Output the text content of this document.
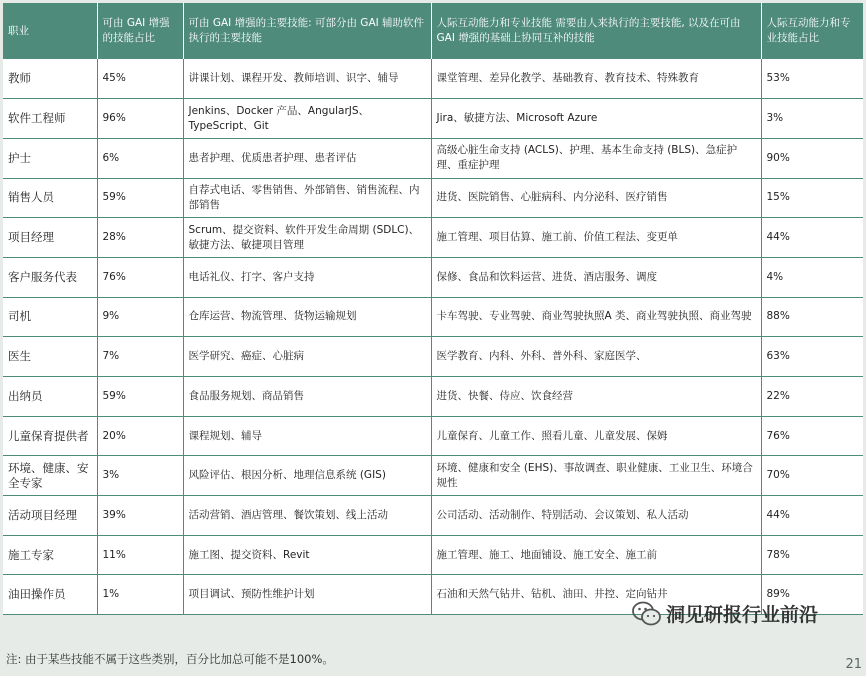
职业	可由 GAI 增强的技能占比	可由 GAI 增强的主要技能: 可部分由 GAI 辅助软件执行的主要技能	人际互动能力和专业技能 需要由人来执行的主要技能, 以及在可由 GAI 增强的基础上协同互补的技能	人际互动能力和专业技能占比
教师	45%	讲课计划、课程开发、教师培训、识字、辅导	课堂管理、差异化教学、基础教育、教育技术、特殊教育	53%
软件工程师	96%	Jenkins、Docker 产品、AngularJS、TypeScript、Git	Jira、敏捷方法、Microsoft Azure	3%
护士	6%	患者护理、优质患者护理、患者评估	高级心脏生命支持 (ACLS)、护理、基本生命支持 (BLS)、急症护理、重症护理	90%
销售人员	59%	自荐式电话、零售销售、外部销售、销售流程、内部销售	进货、医院销售、心脏病科、内分泌科、医疗销售	15%
项目经理	28%	Scrum、提交资料、软件开发生命周期 (SDLC)、敏捷方法、敏捷项目管理	施工管理、项目估算、施工前、价值工程法、变更单	44%
客户服务代表	76%	电话礼仪、打字、客户支持	保修、食品和饮料运营、进货、酒店服务、调度	4%
司机	9%	仓库运营、物流管理、货物运输规划	卡车驾驶、专业驾驶、商业驾驶执照A 类、商业驾驶执照、商业驾驶	88%
医生	7%	医学研究、癌症、心脏病	医学教育、内科、外科、普外科、家庭医学、	63%
出纳员	59%	食品服务规划、商品销售	进货、快餐、侍应、饮食经营	22%
儿童保育提供者	20%	课程规划、辅导	儿童保育、儿童工作、照看儿童、儿童发展、保姆	76%
环境、健康、安全专家	3%	风险评估、根因分析、地理信息系统 (GIS)	环境、健康和安全 (EHS)、事故调查、职业健康、工业卫生、环境合规性	70%
活动项目经理	39%	活动营销、酒店管理、餐饮策划、线上活动	公司活动、活动制作、特别活动、会议策划、私人活动	44%
施工专家	11%	施工图、提交资料、Revit	施工管理、施工、地面铺设、施工安全、施工前	78%
油田操作员	1%	项目调试、预防性维护计划	石油和天然气钻井、钻机、油田、井控、定向钻井	89%
洞见研报行业前沿
注: 由于某些技能不属于这些类别，百分比加总可能不是100%。	21
